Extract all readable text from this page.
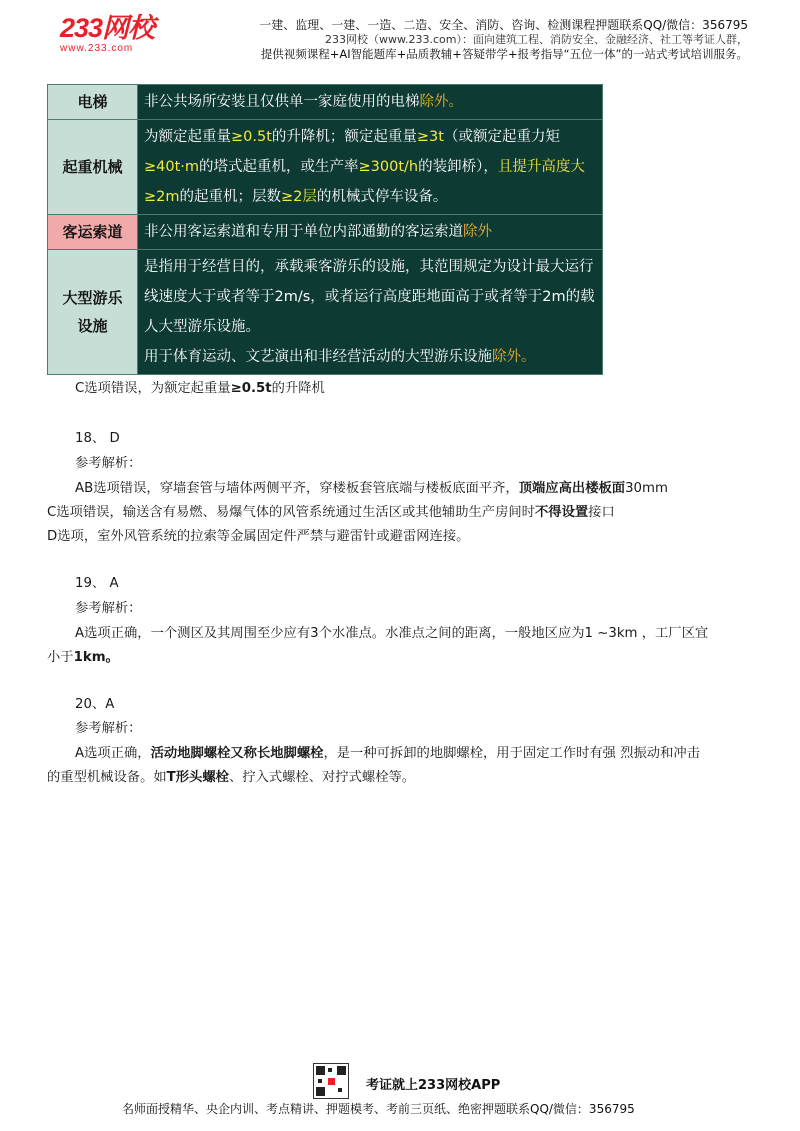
233网校
www.233.com
一建、监理、一建、一造、二造、安全、消防、咨询、检测课程押题联系QQ/微信：356795
233网校（www.233.com）：面向建筑工程、消防安全、金融经济、社工等考证人群，
提供视频课程+AI智能题库+品质教辅+答疑带学+报考指导“五位一体”的一站式考试培训服务。
电梯	非公共场所安装且仅供单一家庭使用的电梯除外。
起重机械	为额定起重量≥0.5t的升降机；额定起重量≥3t（或额定起重力矩≥40t·m的塔式起重机，或生产率≥300t/h的装卸桥），且提升高度大≥2m的起重机；层数≥2层的机械式停车设备。
客运索道	非公用客运索道和专用于单位内部通勤的客运索道除外
大型游乐
设施	是指用于经营目的，承载乘客游乐的设施，其范围规定为设计最大运行线速度大于或者等于2m/s，或者运行高度距地面高于或者等于2m的载人大型游乐设施。
用于体育运动、文艺演出和非经营活动的大型游乐设施除外。
C选项错误，为额定起重量≥0.5t的升降机
18、 D
参考解析：
AB选项错误，穿墙套管与墙体两侧平齐，穿楼板套管底端与楼板底面平齐，顶端应高出楼板面30mm
C选项错误，输送含有易燃、易爆气体的风管系统通过生活区或其他辅助生产房间时不得设置接口
D选项，室外风管系统的拉索等金属固定件严禁与避雷针或避雷网连接。
19、 A
参考解析：
A选项正确，一个测区及其周围至少应有3个水准点。水准点之间的距离，一般地区应为1 ~3km ，工厂区宜
小于1km。
20、A
参考解析：
A选项正确，活动地脚螺栓又称长地脚螺栓，是一种可拆卸的地脚螺栓，用于固定工作时有强 烈振动和冲击
的重型机械设备。如T形头螺栓、拧入式螺栓、对拧式螺栓等。
考证就上233网校APP
名师面授精华、央企内训、考点精讲、押题模考、考前三页纸、绝密押题联系QQ/微信：356795
